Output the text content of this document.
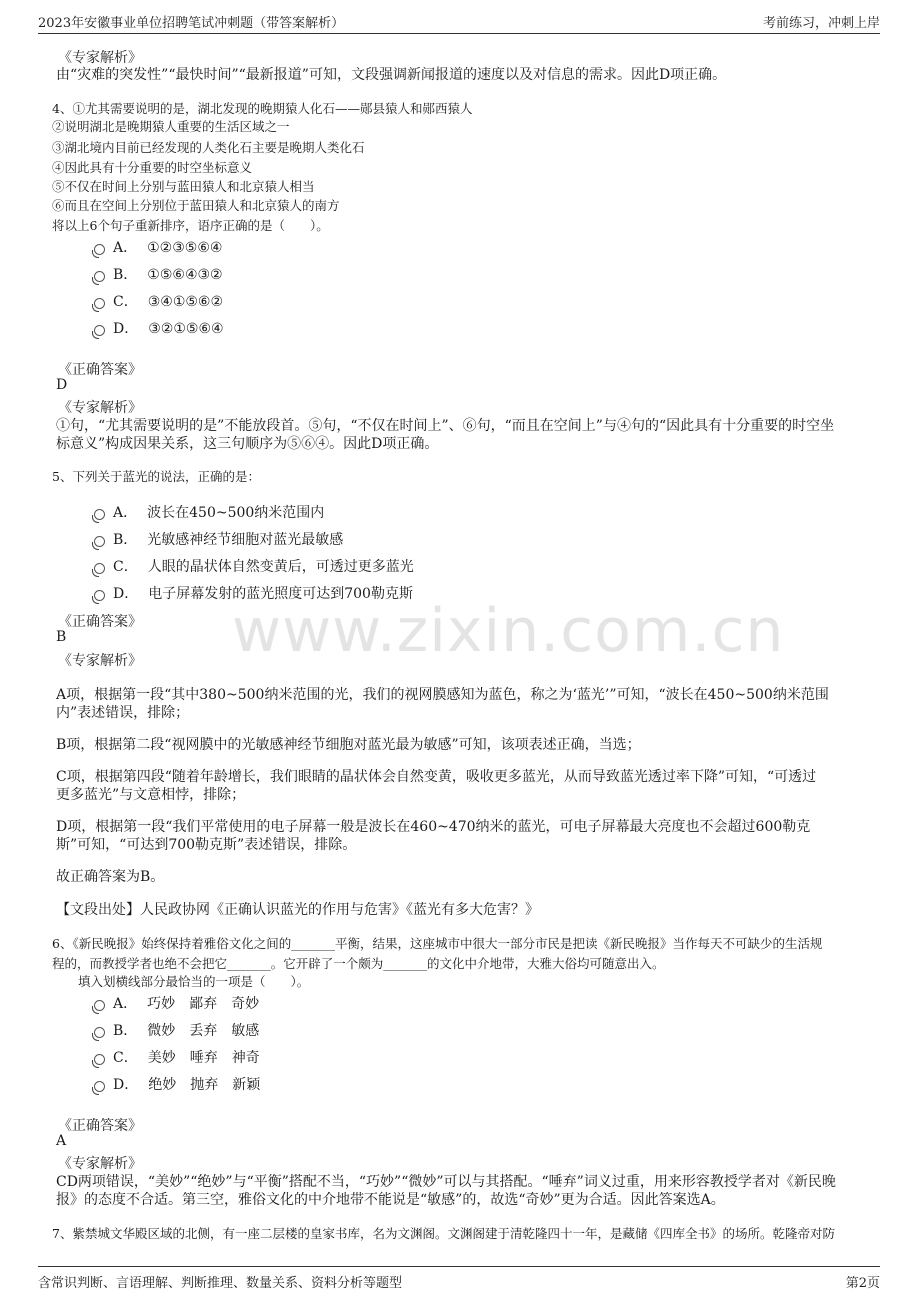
2023年安徽事业单位招聘笔试冲刺题（带答案解析）	考前练习，冲刺上岸
www.zixin.com.cn
《专家解析》
由“灾难的突发性”“最快时间”“最新报道”可知，文段强调新闻报道的速度以及对信息的需求。因此D项正确。
4、①尤其需要说明的是，湖北发现的晚期猿人化石——郧县猿人和郧西猿人
②说明湖北是晚期猿人重要的生活区域之一
③湖北境内目前已经发现的人类化石主要是晚期人类化石
④因此具有十分重要的时空坐标意义
⑤不仅在时间上分别与蓝田猿人和北京猿人相当
⑥而且在空间上分别位于蓝田猿人和北京猿人的南方
将以上6个句子重新排序，语序正确的是（　　）。
A． ①②③⑤⑥④
B． ①⑤⑥④③②
C． ③④①⑤⑥②
D． ③②①⑤⑥④
《正确答案》
D
《专家解析》
①句，“尤其需要说明的是”不能放段首。⑤句，“不仅在时间上”、⑥句，“而且在空间上”与④句的“因此具有十分重要的时空坐
标意义”构成因果关系，这三句顺序为⑤⑥④。因此D项正确。
5、下列关于蓝光的说法，正确的是：
A． 波长在450~500纳米范围内
B． 光敏感神经节细胞对蓝光最敏感
C． 人眼的晶状体自然变黄后，可透过更多蓝光
D． 电子屏幕发射的蓝光照度可达到700勒克斯
《正确答案》
B
《专家解析》
A项，根据第一段“其中380~500纳米范围的光，我们的视网膜感知为蓝色，称之为‘蓝光’”可知，“波长在450~500纳米范围
内”表述错误，排除；
B项，根据第二段“视网膜中的光敏感神经节细胞对蓝光最为敏感”可知，该项表述正确，当选；
C项，根据第四段“随着年龄增长，我们眼睛的晶状体会自然变黄，吸收更多蓝光，从而导致蓝光透过率下降”可知，“可透过
更多蓝光”与文意相悖，排除；
D项，根据第一段“我们平常使用的电子屏幕一般是波长在460~470纳米的蓝光，可电子屏幕最大亮度也不会超过600勒克
斯”可知，“可达到700勒克斯”表述错误，排除。
故正确答案为B。
【文段出处】人民政协网《正确认识蓝光的作用与危害》《蓝光有多大危害？》
6、《新民晚报》始终保持着雅俗文化之间的_______平衡，结果，这座城市中很大一部分市民是把读《新民晚报》当作每天不可缺少的生活规
程的，而教授学者也绝不会把它_______。它开辟了一个颇为_______的文化中介地带，大雅大俗均可随意出入。
填入划横线部分最恰当的一项是（　　）。
A． 巧妙　鄙弃　奇妙
B． 微妙　丢弃　敏感
C． 美妙　唾弃　神奇
D． 绝妙　抛弃　新颖
《正确答案》
A
《专家解析》
CD两项错误，“美妙”“绝妙”与“平衡”搭配不当，“巧妙”“微妙”可以与其搭配。“唾弃”词义过重，用来形容教授学者对《新民晚
报》的态度不合适。第三空，雅俗文化的中介地带不能说是“敏感”的，故选“奇妙”更为合适。因此答案选A。
7、紫禁城文华殿区域的北侧，有一座二层楼的皇家书库，名为文渊阁。文渊阁建于清乾隆四十一年，是藏储《四库全书》的场所。乾隆帝对防
含常识判断、言语理解、判断推理、数量关系、资料分析等题型	第2页
